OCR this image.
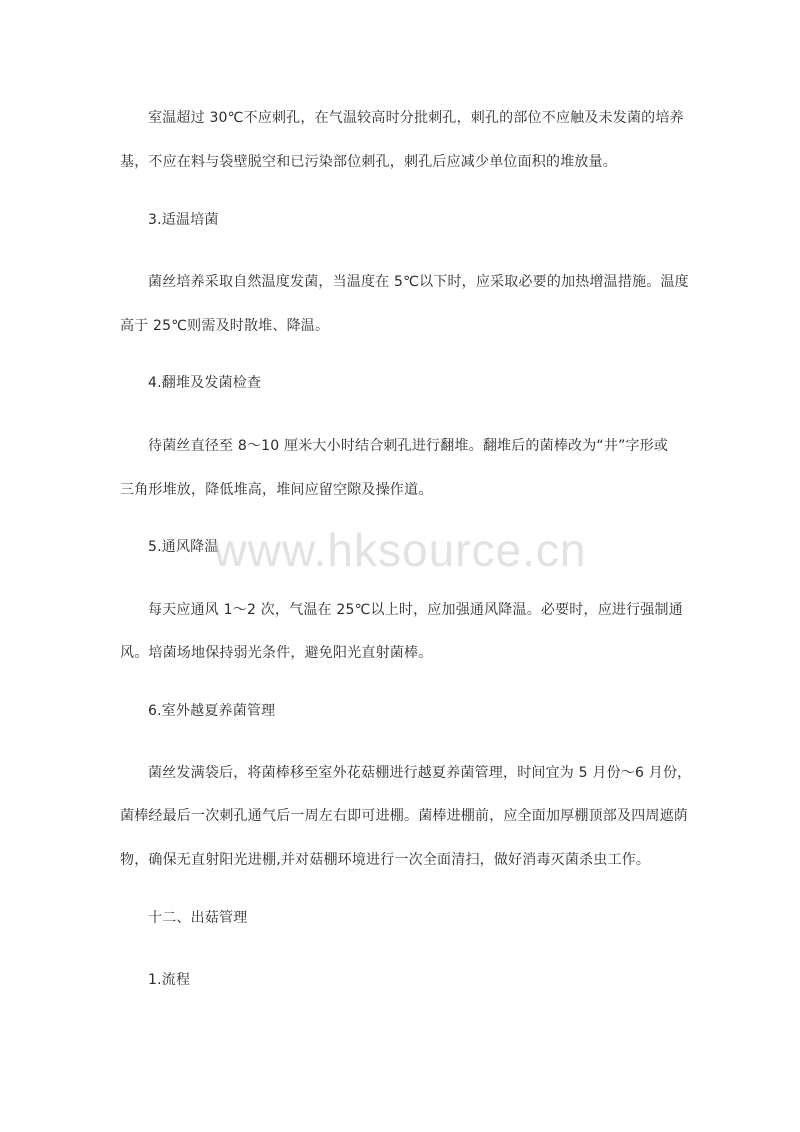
室温超过 30℃不应刺孔，在气温较高时分批刺孔，刺孔的部位不应触及未发菌的培养
基，不应在料与袋壁脱空和已污染部位刺孔，刺孔后应减少单位面积的堆放量。
3.适温培菌
菌丝培养采取自然温度发菌，当温度在 5℃以下时，应采取必要的加热增温措施。温度
高于 25℃则需及时散堆、降温。
4.翻堆及发菌检查
待菌丝直径至 8～10 厘米大小时结合刺孔进行翻堆。翻堆后的菌棒改为“井”字形或
三角形堆放，降低堆高，堆间应留空隙及操作道。
5.通风降温
每天应通风 1～2 次，气温在 25℃以上时，应加强通风降温。必要时，应进行强制通
风。培菌场地保持弱光条件，避免阳光直射菌棒。
6.室外越夏养菌管理
菌丝发满袋后，将菌棒移至室外花菇棚进行越夏养菌管理，时间宜为 5 月份～6 月份，
菌棒经最后一次刺孔通气后一周左右即可进棚。菌棒进棚前，应全面加厚棚顶部及四周遮荫
物，确保无直射阳光进棚,并对菇棚环境进行一次全面清扫，做好消毒灭菌杀虫工作。
十二、出菇管理
1.流程
www.hksource.cn
